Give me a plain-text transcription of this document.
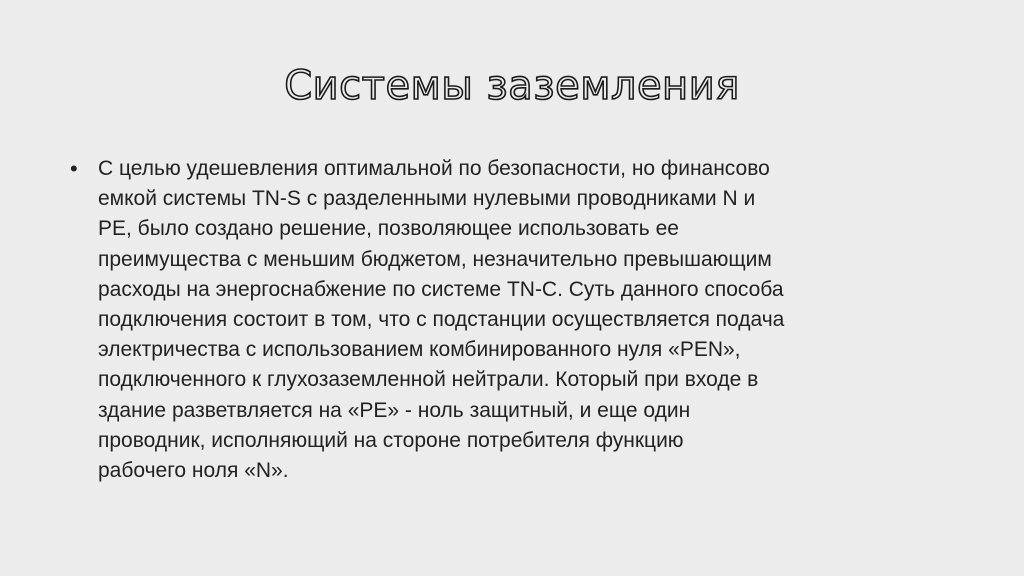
Системы заземления
• С целью удешевления оптимальной по безопасности, но финансово
емкой системы TN-S с разделенными нулевыми проводниками N и
PE, было создано решение, позволяющее использовать ее
преимущества с меньшим бюджетом, незначительно превышающим
расходы на энергоснабжение по системе TN-C. Суть данного способа
подключения состоит в том, что с подстанции осуществляется подача
электричества с использованием комбинированного нуля «PEN»,
подключенного к глухозаземленной нейтрали. Который при входе в
здание разветвляется на «PE» - ноль защитный, и еще один
проводник, исполняющий на стороне потребителя функцию
рабочего ноля «N».
